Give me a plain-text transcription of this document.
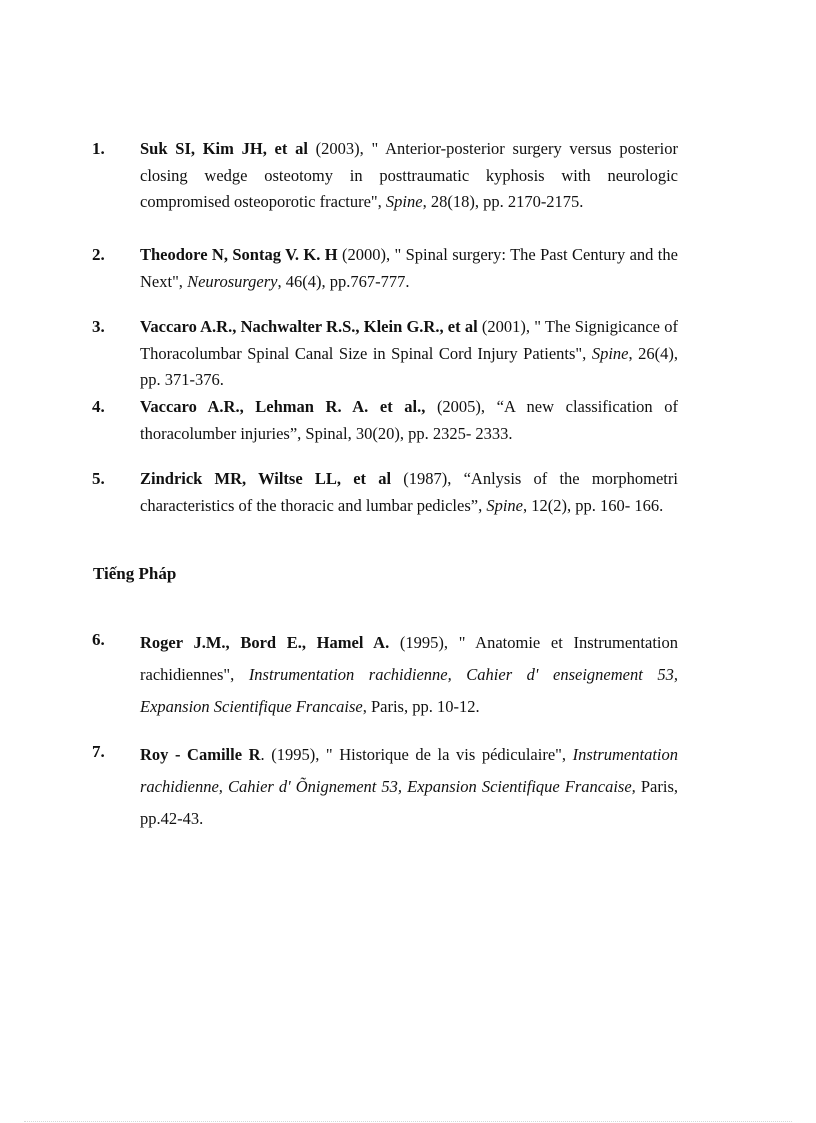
1. Suk SI, Kim JH, et al (2003), " Anterior-posterior surgery versus posterior closing wedge osteotomy in posttraumatic kyphosis with neurologic compromised osteoporotic fracture", Spine, 28(18), pp. 2170-2175.
2. Theodore N, Sontag V. K. H (2000), " Spinal surgery: The Past Century and the Next", Neurosurgery, 46(4), pp.767-777.
3. Vaccaro A.R., Nachwalter R.S., Klein G.R., et al (2001), " The Signigicance of Thoracolumbar Spinal Canal Size in Spinal Cord Injury Patients", Spine, 26(4), pp. 371-376.
4. Vaccaro A.R., Lehman R. A. et al., (2005), “A new classification of thoracolumber injuries”, Spinal, 30(20), pp. 2325- 2333.
5. Zindrick MR, Wiltse LL, et al (1987), “Anlysis of the morphometri characteristics of the thoracic and lumbar pedicles”, Spine, 12(2), pp. 160- 166.
Tiếng Pháp
6. Roger J.M., Bord E., Hamel A. (1995), " Anatomie et Instrumentation rachidiennes", Instrumentation rachidienne, Cahier d' enseignement 53, Expansion Scientifique Francaise, Paris, pp. 10-12.
7. Roy - Camille R. (1995), " Historique de la vis pédiculaire", Instrumentation rachidienne, Cahier d' Õnignement 53, Expansion Scientifique Francaise, Paris, pp.42-43.
